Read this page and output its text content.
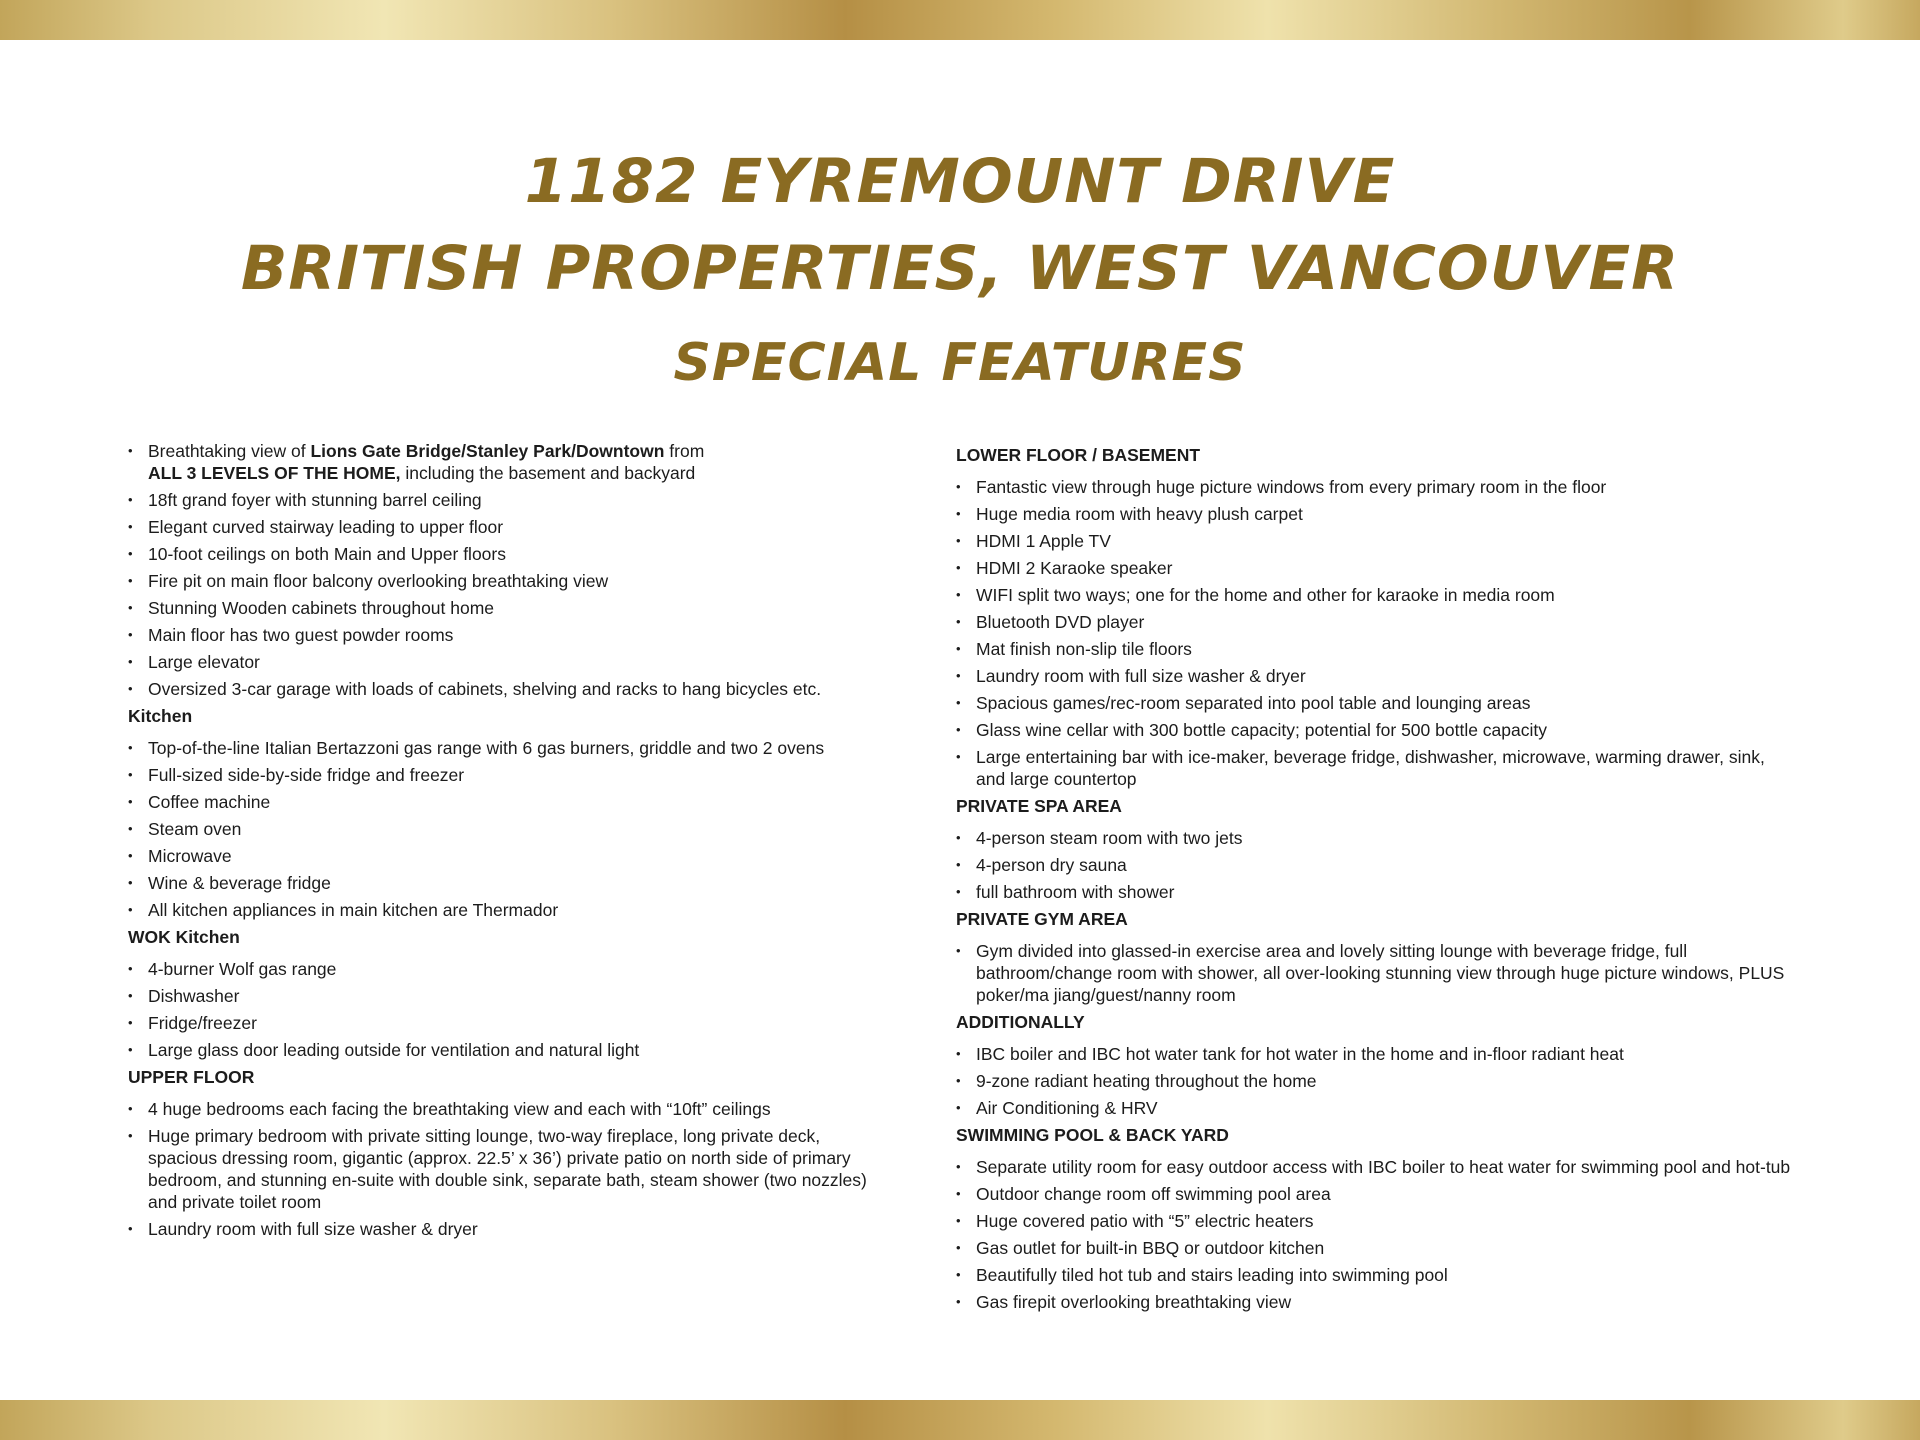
1182 EYREMOUNT DRIVE
BRITISH PROPERTIES, WEST VANCOUVER
SPECIAL FEATURES
• Breathtaking view of Lions Gate Bridge/Stanley Park/Downtown from
ALL 3 LEVELS OF THE HOME, including the basement and backyard
• 18ft grand foyer with stunning barrel ceiling
• Elegant curved stairway leading to upper floor
• 10-foot ceilings on both Main and Upper floors
• Fire pit on main floor balcony overlooking breathtaking view
• Stunning Wooden cabinets throughout home
• Main floor has two guest powder rooms
• Large elevator
• Oversized 3-car garage with loads of cabinets, shelving and racks to hang bicycles etc.
Kitchen
• Top-of-the-line Italian Bertazzoni gas range with 6 gas burners, griddle and two 2 ovens
• Full-sized side-by-side fridge and freezer
• Coffee machine
• Steam oven
• Microwave
• Wine & beverage fridge
• All kitchen appliances in main kitchen are Thermador
WOK Kitchen
• 4-burner Wolf gas range
• Dishwasher
• Fridge/freezer
• Large glass door leading outside for ventilation and natural light
UPPER FLOOR
• 4 huge bedrooms each facing the breathtaking view and each with “10ft” ceilings
• Huge primary bedroom with private sitting lounge, two-way fireplace, long private deck, spacious dressing room, gigantic (approx. 22.5’ x 36’) private patio on north side of primary bedroom, and stunning en-suite with double sink, separate bath, steam shower (two nozzles) and private toilet room
• Laundry room with full size washer & dryer
LOWER FLOOR / BASEMENT
• Fantastic view through huge picture windows from every primary room in the floor
• Huge media room with heavy plush carpet
• HDMI 1 Apple TV
• HDMI 2 Karaoke speaker
• WIFI split two ways; one for the home and other for karaoke in media room
• Bluetooth DVD player
• Mat finish non-slip tile floors
• Laundry room with full size washer & dryer
• Spacious games/rec-room separated into pool table and lounging areas
• Glass wine cellar with 300 bottle capacity; potential for 500 bottle capacity
• Large entertaining bar with ice-maker, beverage fridge, dishwasher, microwave, warming drawer, sink, and large countertop
PRIVATE SPA AREA
• 4-person steam room with two jets
• 4-person dry sauna
• full bathroom with shower
PRIVATE GYM AREA
• Gym divided into glassed-in exercise area and lovely sitting lounge with beverage fridge, full bathroom/change room with shower, all over-looking stunning view through huge picture windows, PLUS poker/ma jiang/guest/nanny room
ADDITIONALLY
• IBC boiler and IBC hot water tank for hot water in the home and in-floor radiant heat
• 9-zone radiant heating throughout the home
• Air Conditioning & HRV
SWIMMING POOL & BACK YARD
• Separate utility room for easy outdoor access with IBC boiler to heat water for swimming pool and hot-tub
• Outdoor change room off swimming pool area
• Huge covered patio with “5” electric heaters
• Gas outlet for built-in BBQ or outdoor kitchen
• Beautifully tiled hot tub and stairs leading into swimming pool
• Gas firepit overlooking breathtaking view
